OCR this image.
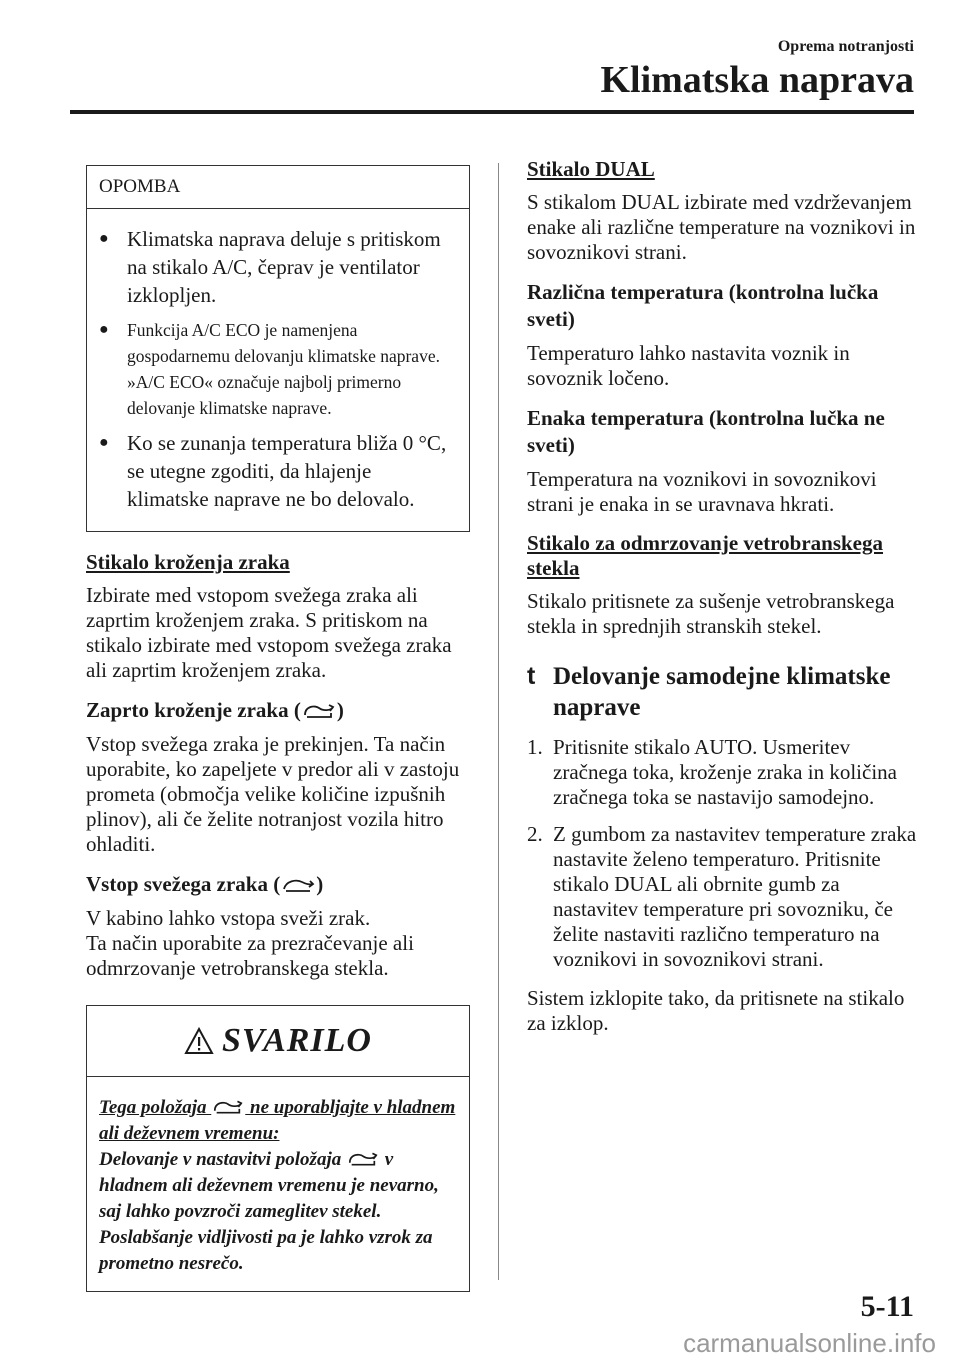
Oprema notranjosti
Klimatska naprava
OPOMBA
● Klimatska naprava deluje s pritiskom na stikalo A/C, čeprav je ventilator izklopljen.
●	Funkcija A/C ECO je namenjena gospodarnemu delovanju klimatske naprave. »A/C ECO« označuje najbolj primerno delovanje klimatske naprave.
● Ko se zunanja temperatura bliža 0 °C, se utegne zgoditi, da hlajenje klimatske naprave ne bo delovalo.

Stikalo kroženja zraka

Izbirate med vstopom svežega zraka ali zaprtim kroženjem zraka. S pritiskom na stikalo izbirate med vstopom svežega zraka ali zaprtim kroženjem zraka.

Zaprto kroženje zraka ( )

Vstop svežega zraka je prekinjen. Ta način uporabite, ko zapeljete v predor ali v zastoju prometa (območja velike količine izpušnih plinov), ali če želite notranjost vozila hitro ohladiti.

Vstop svežega zraka ( )

V kabino lahko vstopa sveži zrak.

Ta način uporabite za prezračevanje ali odmrzovanje vetrobranskega stekla.

SVARILO
Tega položaja ne uporabljajte v hladnem ali deževnem vremenu:
Delovanje v nastavitvi položaja v hladnem ali deževnem vremenu je nevarno, saj lahko povzroči zameglitev stekel. Poslabšanje vidljivosti pa je lahko vzrok za prometno nesrečo.

Stikalo DUAL

S stikalom DUAL izbirate med vzdrževanjem enake ali različne temperature na voznikovi in sovoznikovi strani.

Različna temperatura (kontrolna lučka sveti)

Temperaturo lahko nastavita voznik in sovoznik ločeno.

Enaka temperatura (kontrolna lučka ne sveti)

Temperatura na voznikovi in sovoznikovi strani je enaka in se uravnava hkrati.

Stikalo za odmrzovanje vetrobranskega stekla

Stikalo pritisnete za sušenje vetrobranskega stekla in sprednjih stranskih stekel.

t Delovanje samodejne klimatske naprave
1. Pritisnite stikalo AUTO. Usmeritev zračnega toka, kroženje zraka in količina zračnega toka se nastavijo samodejno.
2. Z gumbom za nastavitev temperature zraka nastavite želeno temperaturo. Pritisnite stikalo DUAL ali obrnite gumb za nastavitev temperature pri sovozniku, če želite nastaviti različno temperaturo na voznikovi in sovoznikovi strani.

Sistem izklopite tako, da pritisnete na stikalo za izklop.

5-11
carmanualsonline.info
